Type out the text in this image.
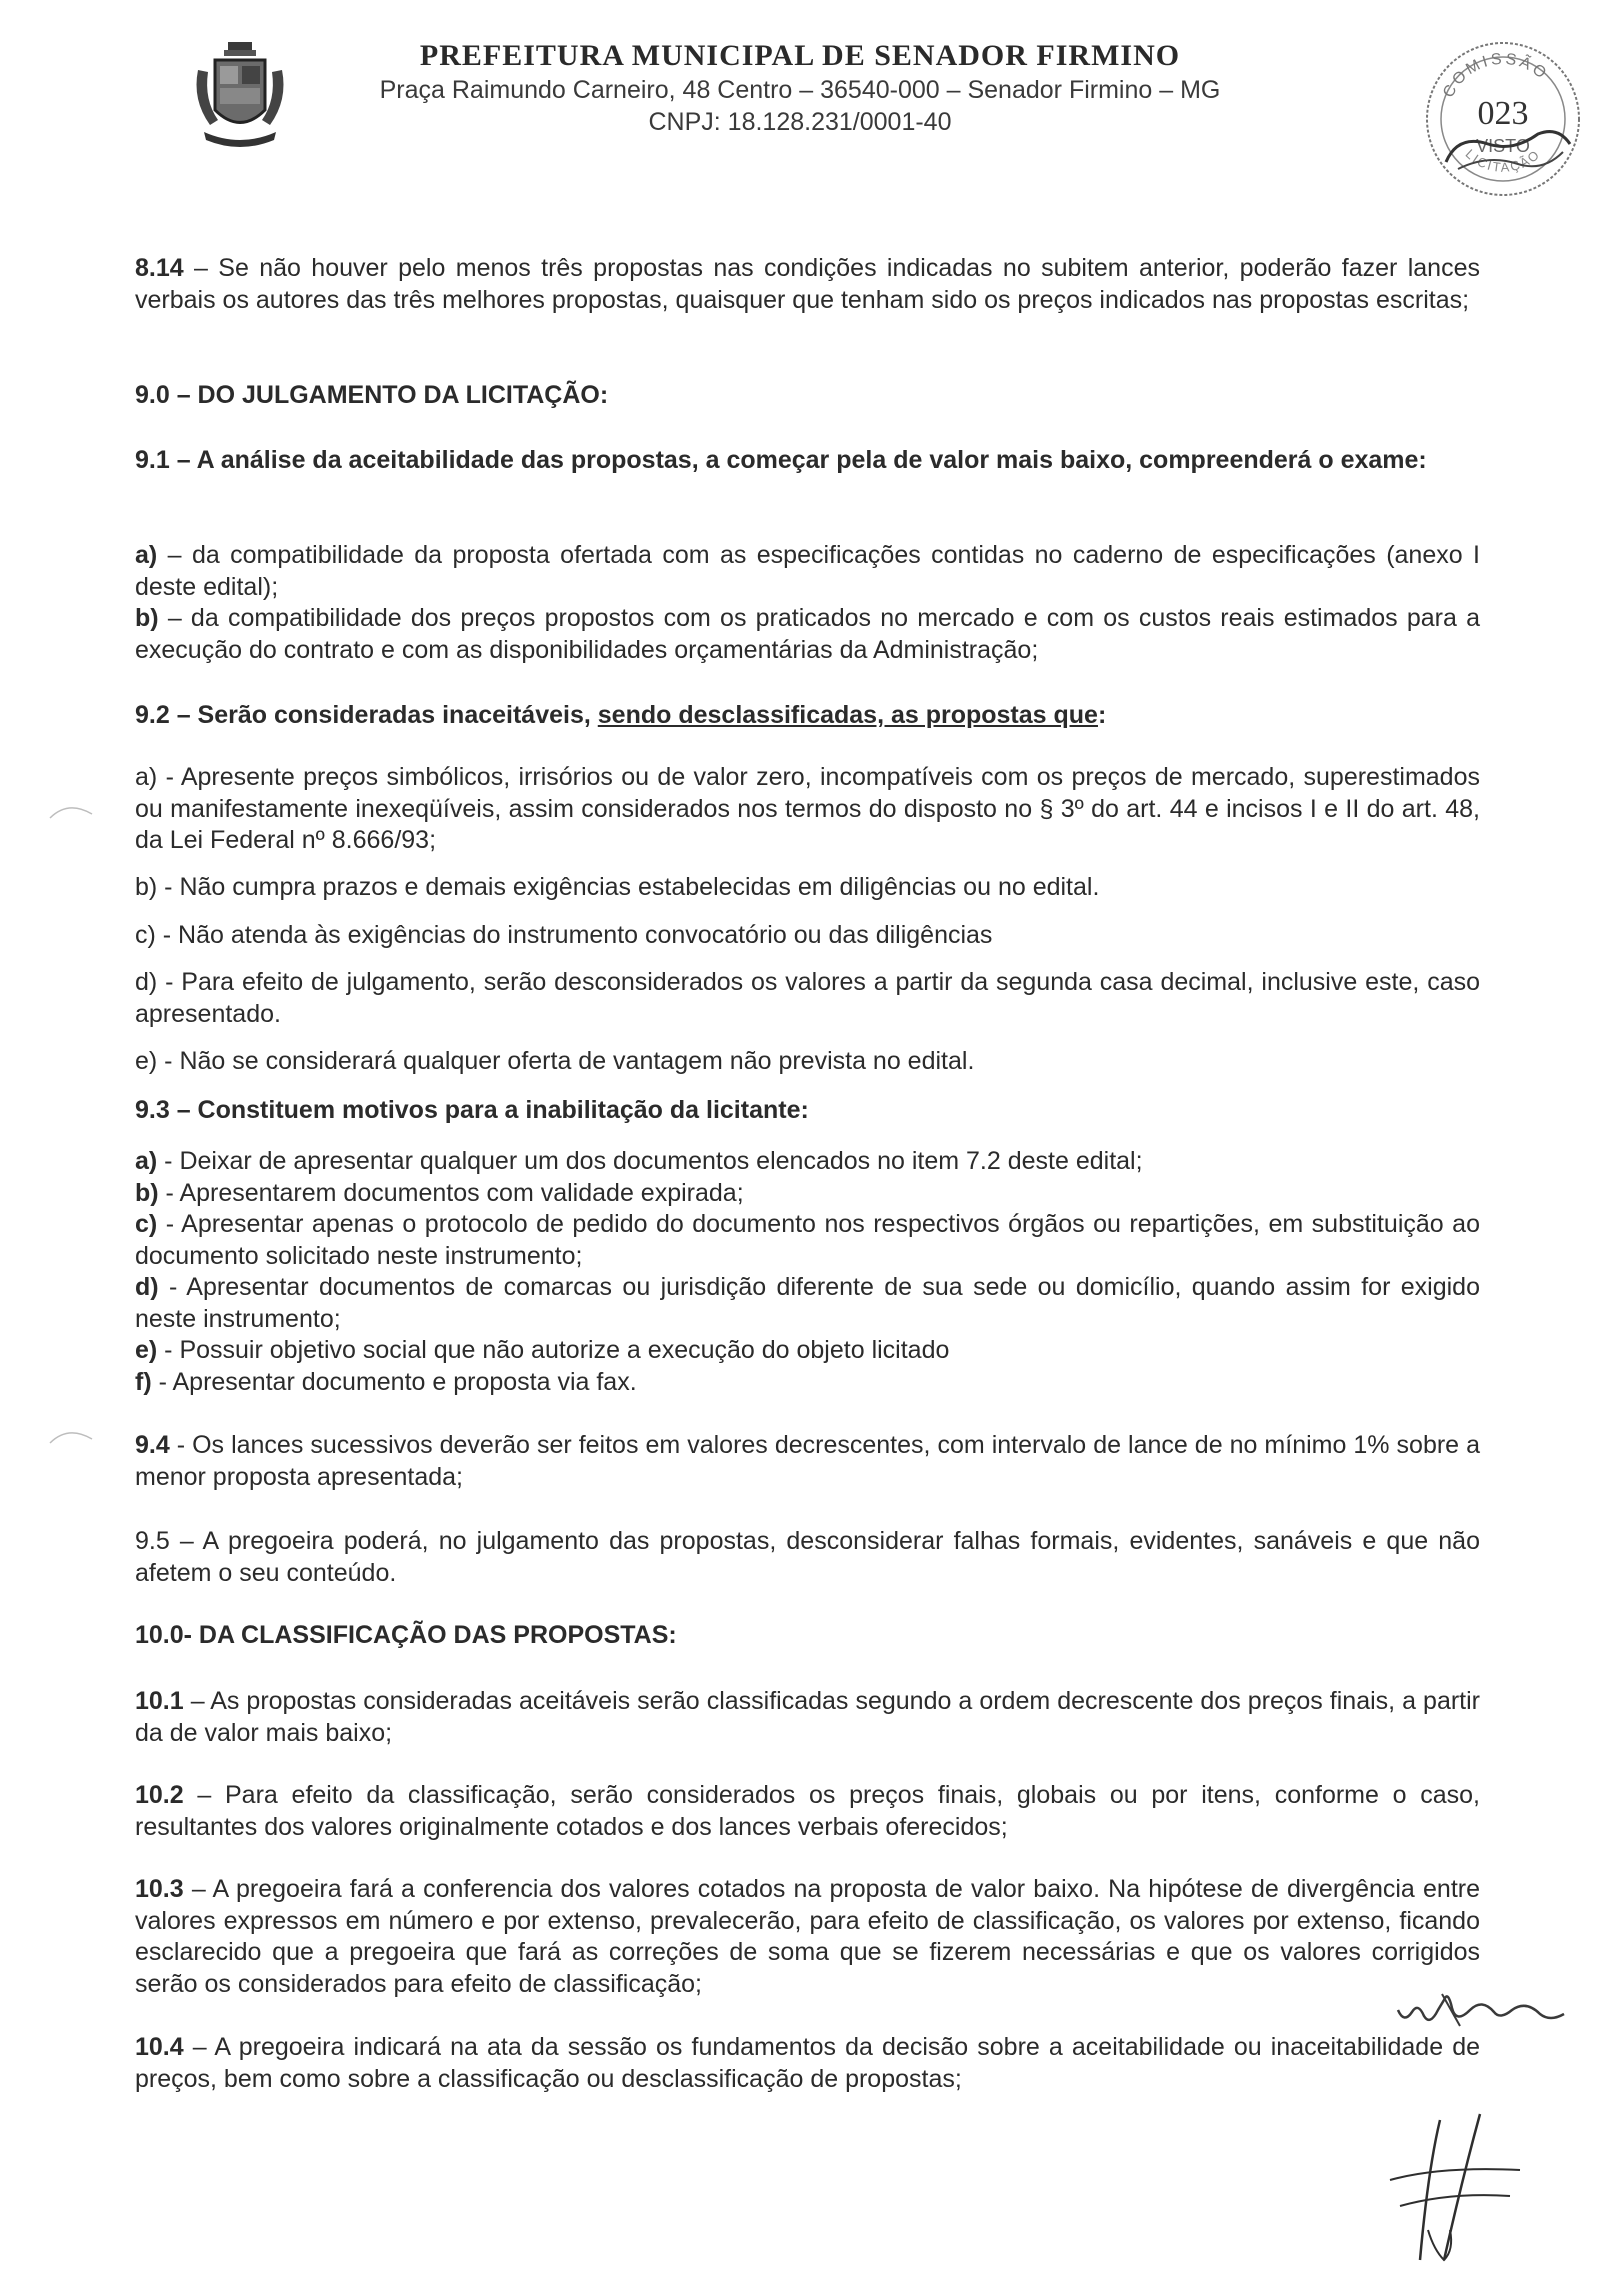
PREFEITURA MUNICIPAL DE SENADOR FIRMINO
Praça Raimundo Carneiro, 48 Centro – 36540-000 – Senador Firmino – MG
CNPJ: 18.128.231/0001-40
COMISSÃO
023
VISTO
LICITAÇÃO
8.14 – Se não houver pelo menos três propostas nas condições indicadas no subitem anterior, poderão fazer lances verbais os autores das três melhores propostas, quaisquer que tenham sido os preços indicados nas propostas escritas;
9.0 – DO JULGAMENTO DA LICITAÇÃO:
9.1 – A análise da aceitabilidade das propostas, a começar pela de valor mais baixo, compreenderá o exame:
a) – da compatibilidade da proposta ofertada com as especificações contidas no caderno de especificações (anexo I deste edital);
b) – da compatibilidade dos preços propostos com os praticados no mercado e com os custos reais estimados para a execução do contrato e com as disponibilidades orçamentárias da Administração;
9.2 – Serão consideradas inaceitáveis, sendo desclassificadas, as propostas que:
a) - Apresente preços simbólicos, irrisórios ou de valor zero, incompatíveis com os preços de mercado, superestimados ou manifestamente inexeqüíveis, assim considerados nos termos do disposto no § 3º do art. 44 e incisos I e II do art. 48, da Lei Federal nº 8.666/93;
b) - Não cumpra prazos e demais exigências estabelecidas em diligências ou no edital.
c) - Não atenda às exigências do instrumento convocatório ou das diligências
d) - Para efeito de julgamento, serão desconsiderados os valores a partir da segunda casa decimal, inclusive este, caso apresentado.
e) - Não se considerará qualquer oferta de vantagem não prevista no edital.
9.3 – Constituem motivos para a inabilitação da licitante:
a) - Deixar de apresentar qualquer um dos documentos elencados no item 7.2 deste edital;
b) - Apresentarem documentos com validade expirada;
c) - Apresentar apenas o protocolo de pedido do documento nos respectivos órgãos ou repartições, em substituição ao documento solicitado neste instrumento;
d) - Apresentar documentos de comarcas ou jurisdição diferente de sua sede ou domicílio, quando assim for exigido neste instrumento;
e) - Possuir objetivo social que não autorize a execução do objeto licitado
f) - Apresentar documento e proposta via fax.
9.4 - Os lances sucessivos deverão ser feitos em valores decrescentes, com intervalo de lance de no mínimo 1% sobre a menor proposta apresentada;
9.5 – A pregoeira poderá, no julgamento das propostas, desconsiderar falhas formais, evidentes, sanáveis e que não afetem o seu conteúdo.
10.0- DA CLASSIFICAÇÃO DAS PROPOSTAS:
10.1 – As propostas consideradas aceitáveis serão classificadas segundo a ordem decrescente dos preços finais, a partir da de valor mais baixo;
10.2 – Para efeito da classificação, serão considerados os preços finais, globais ou por itens, conforme o caso, resultantes dos valores originalmente cotados e dos lances verbais oferecidos;
10.3 – A pregoeira fará a conferencia dos valores cotados na proposta de valor baixo. Na hipótese de divergência entre valores expressos em número e por extenso, prevalecerão, para efeito de classificação, os valores por extenso, ficando esclarecido que a pregoeira que fará as correções de soma que se fizerem necessárias e que os valores corrigidos serão os considerados para efeito de classificação;
10.4 – A pregoeira indicará na ata da sessão os fundamentos da decisão sobre a aceitabilidade ou inaceitabilidade de preços, bem como sobre a classificação ou desclassificação de propostas;
